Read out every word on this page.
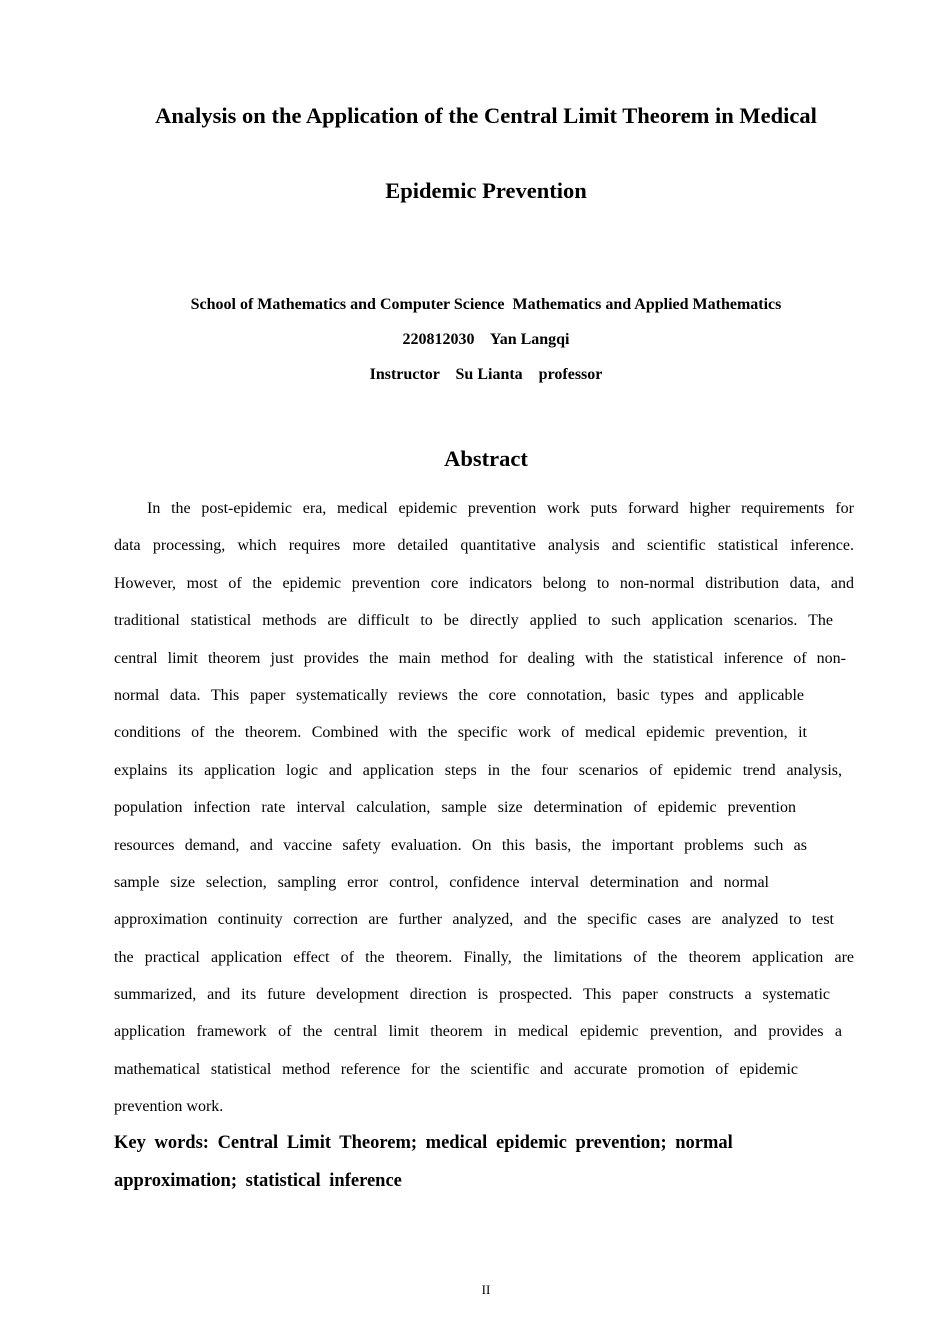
Analysis on the Application of the Central Limit Theorem in Medical
Epidemic Prevention

School of Mathematics and Computer Science  Mathematics and Applied Mathematics

220812030    Yan Langqi

Instructor    Su Lianta    professor

Abstract
In the post-epidemic era, medical epidemic prevention work puts forward higher requirements for
data processing, which requires more detailed quantitative analysis and scientific statistical inference.
However, most of the epidemic prevention core indicators belong to non-normal distribution data, and
traditional statistical methods are difficult to be directly applied to such application scenarios. The
central limit theorem just provides the main method for dealing with the statistical inference of non-
normal data. This paper systematically reviews the core connotation, basic types and applicable
conditions of the theorem. Combined with the specific work of medical epidemic prevention, it
explains its application logic and application steps in the four scenarios of epidemic trend analysis,
population infection rate interval calculation, sample size determination of epidemic prevention
resources demand, and vaccine safety evaluation. On this basis, the important problems such as
sample size selection, sampling error control, confidence interval determination and normal
approximation continuity correction are further analyzed, and the specific cases are analyzed to test
the practical application effect of the theorem. Finally, the limitations of the theorem application are
summarized, and its future development direction is prospected. This paper constructs a systematic
application framework of the central limit theorem in medical epidemic prevention, and provides a
mathematical statistical method reference for the scientific and accurate promotion of epidemic
prevention work.
Key words: Central Limit Theorem; medical epidemic prevention; normal
approximation; statistical inference

II
